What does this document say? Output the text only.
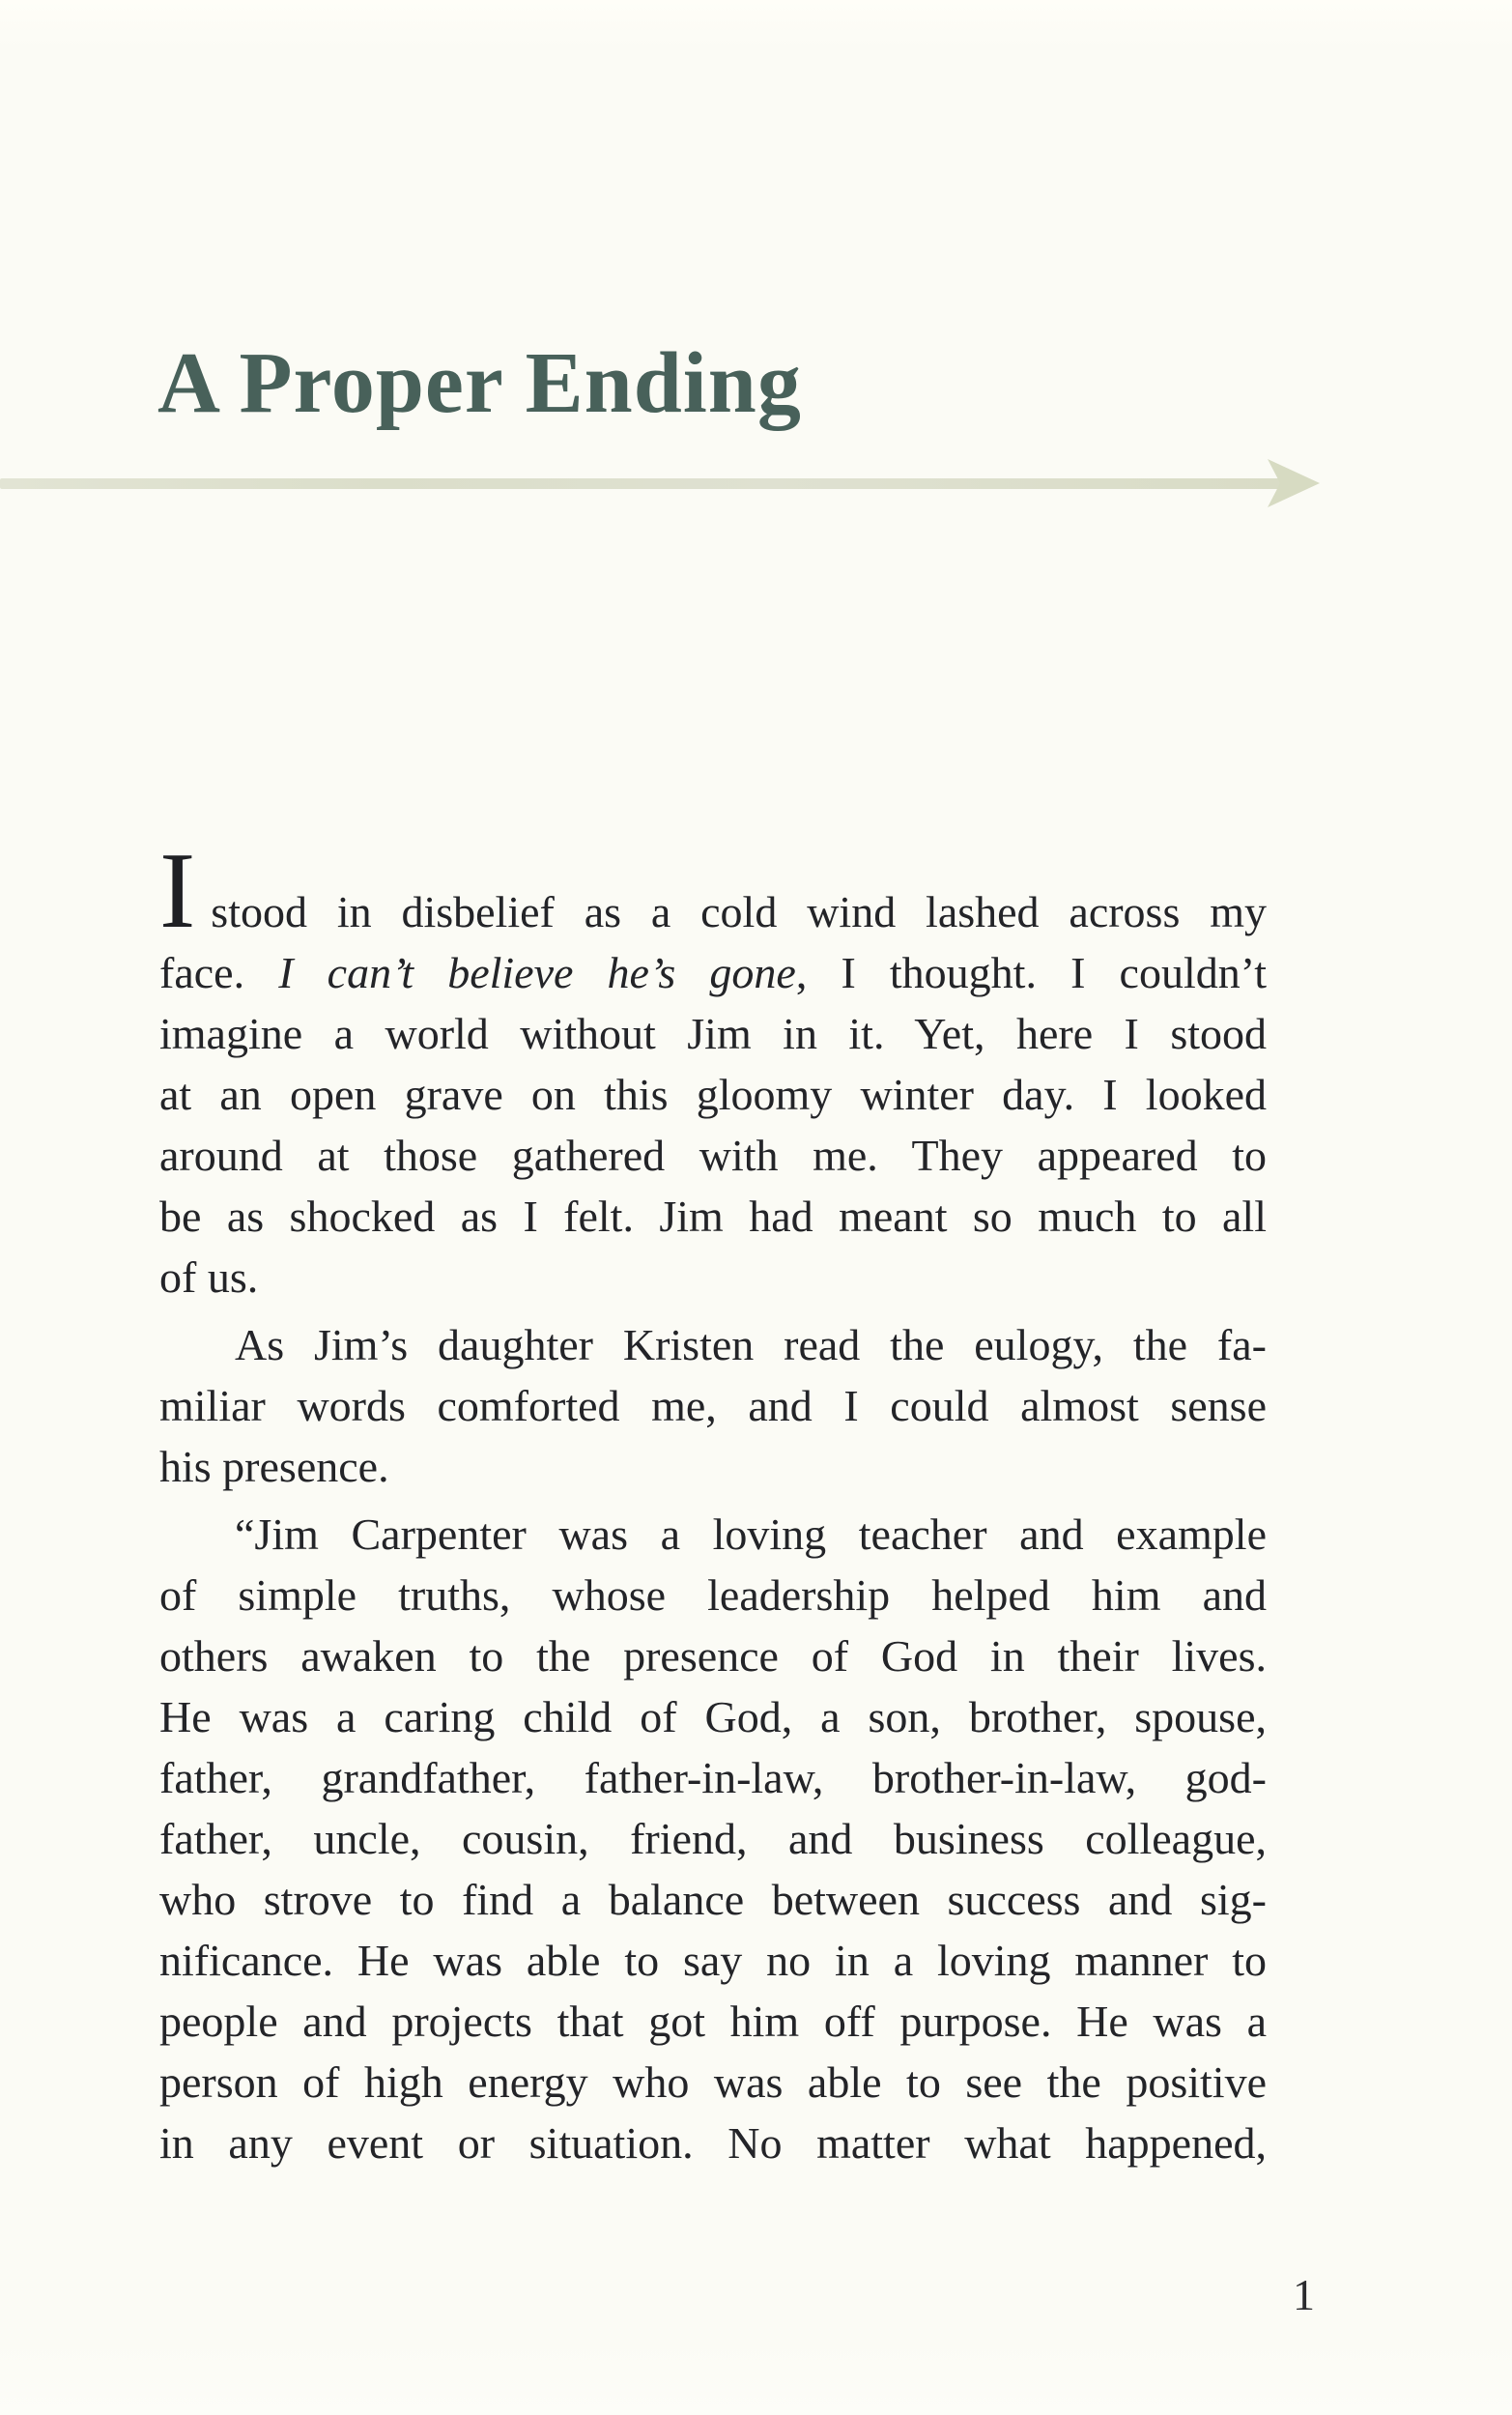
A Proper Ending
Istood in disbelief as a cold wind lashed across my
face. I can’t believe he’s gone, I thought. I couldn’t
imagine a world without Jim in it. Yet, here I stood
at an open grave on this gloomy winter day. I looked
around at those gathered with me. They appeared to
be as shocked as I felt. Jim had meant so much to all
of us.
As Jim’s daughter Kristen read the eulogy, the fa-
miliar words comforted me, and I could almost sense
his presence.
“Jim Carpenter was a loving teacher and example
of simple truths, whose leadership helped him and
others awaken to the presence of God in their lives.
He was a caring child of God, a son, brother, spouse,
father, grandfather, father-in-law, brother-in-law, god-
father, uncle, cousin, friend, and business colleague,
who strove to find a balance between success and sig-
nificance. He was able to say no in a loving manner to
people and projects that got him off purpose. He was a
person of high energy who was able to see the positive
in any event or situation. No matter what happened,
1
